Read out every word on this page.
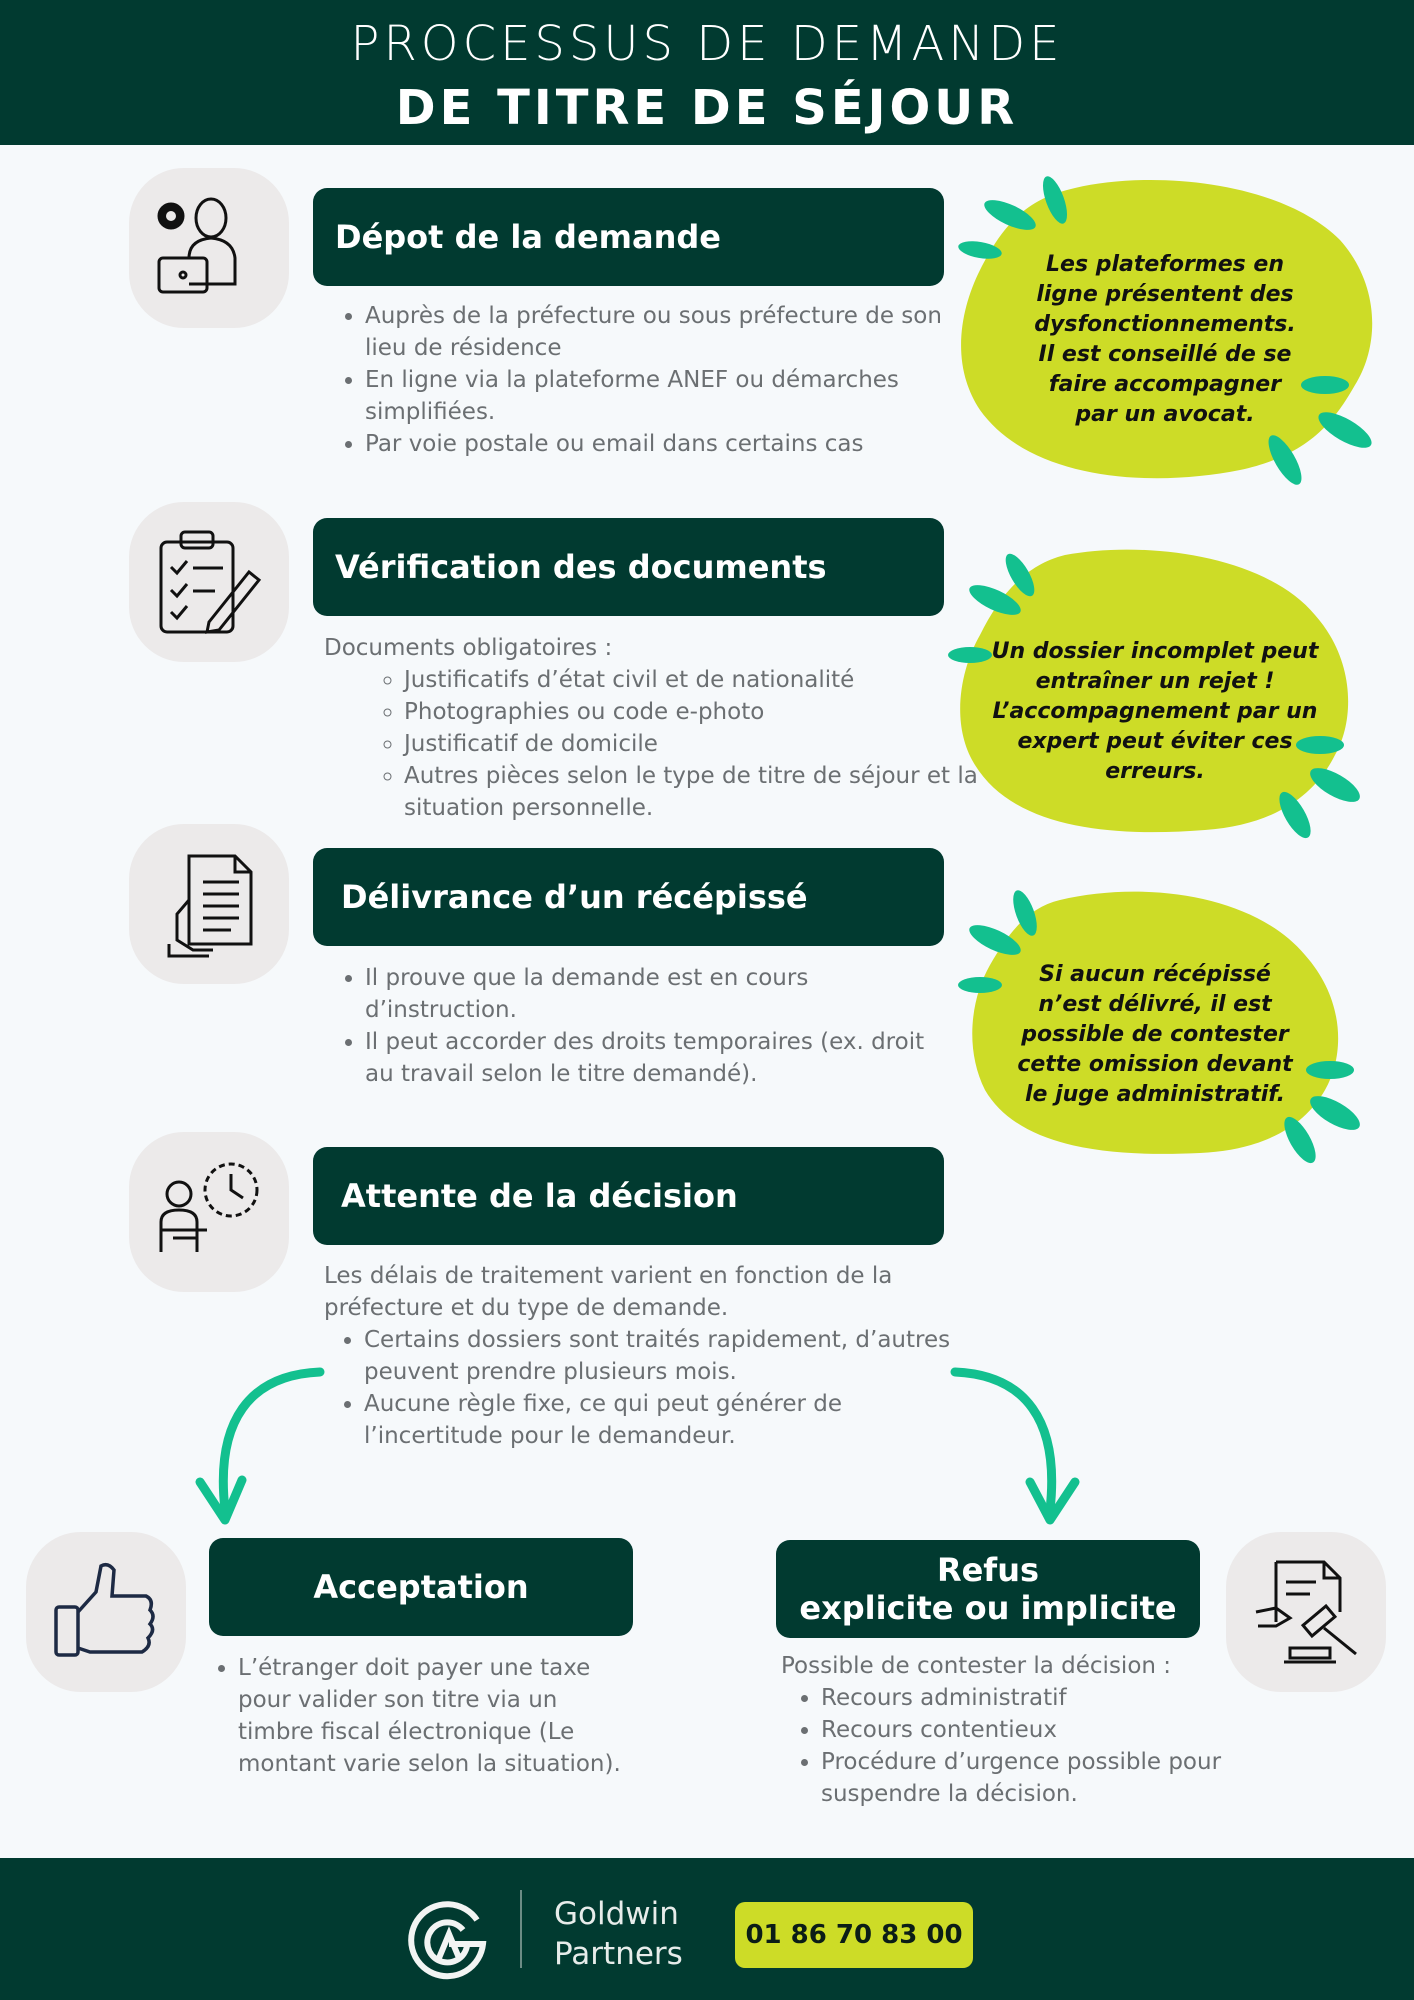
PROCESSUS DE DEMANDE
DE TITRE DE SÉJOUR
Dépot de la demande
• Auprès de la préfecture ou sous préfecture de son lieu de résidence
• En ligne via la plateforme ANEF ou démarches simplifiées.
• Par voie postale ou email dans certains cas
Les plateformes en ligne présentent des dysfonctionnements. Il est conseillé de se faire accompagner par un avocat.
Vérification des documents

Documents obligatoires :

◦ Justificatifs d’état civil et de nationalité
◦ Photographies ou code e-photo
◦ Justificatif de domicile
◦ Autres pièces selon le type de titre de séjour et la situation personnelle.
Un dossier incomplet peut entraîner un rejet ! L’accompagnement par un expert peut éviter ces erreurs.
Délivrance d’un récépissé
• Il prouve que la demande est en cours d’instruction.
• Il peut accorder des droits temporaires (ex. droit au travail selon le titre demandé).
Si aucun récépissé n’est délivré, il est possible de contester cette omission devant le juge administratif.
Attente de la décision

Les délais de traitement varient en fonction de la préfecture et du type de demande.

• Certains dossiers sont traités rapidement, d’autres peuvent prendre plusieurs mois.
• Aucune règle fixe, ce qui peut générer de l’incertitude pour le demandeur.
Acceptation
• L’étranger doit payer une taxe pour valider son titre via un timbre fiscal électronique (Le montant varie selon la situation).
Refus
explicite ou implicite

Possible de contester la décision :

• Recours administratif
• Recours contentieux
• Procédure d’urgence possible pour suspendre la décision.
Goldwin
Partners
01 86 70 83 00
